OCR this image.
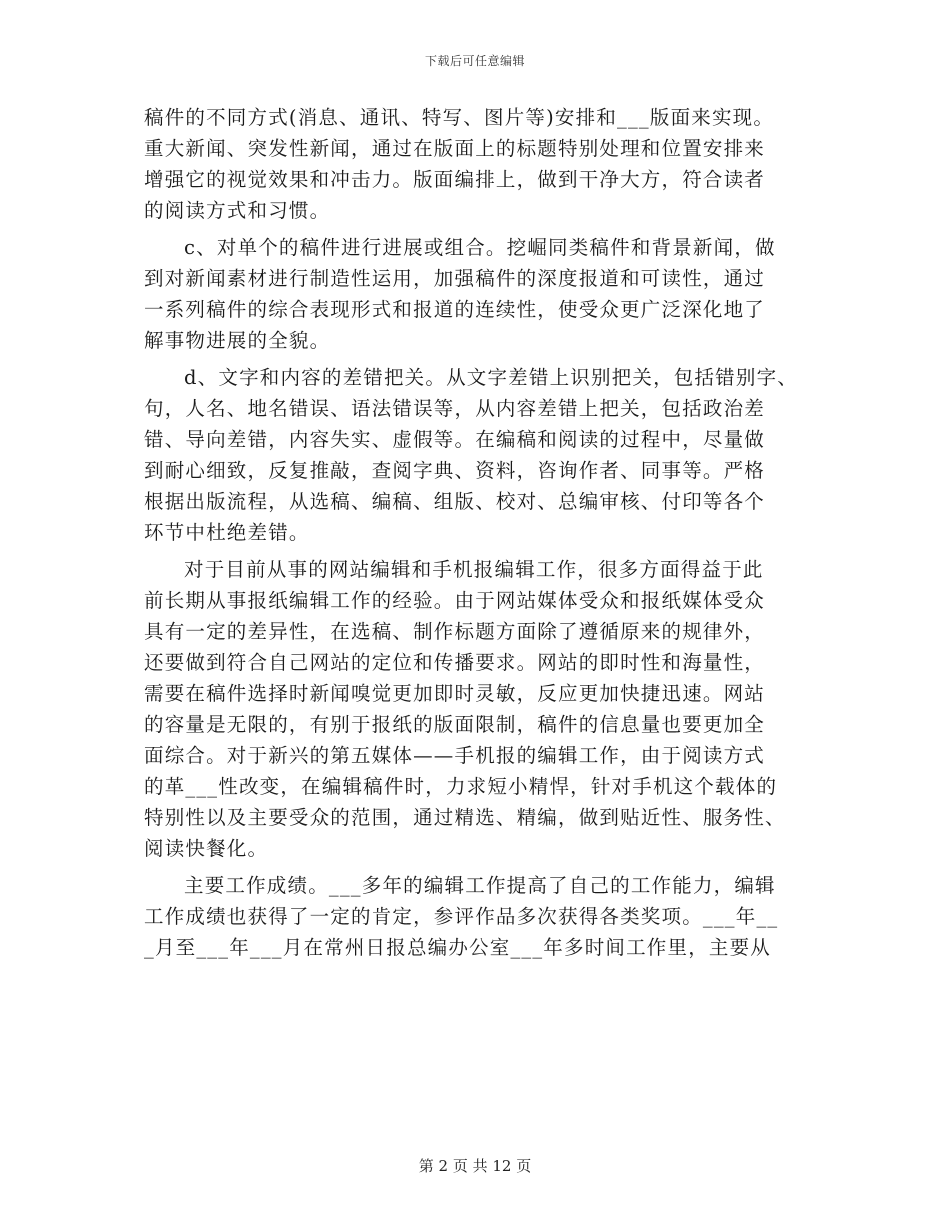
下载后可任意编辑
稿件的不同方式(消息、通讯、特写、图片等)安排和___版面来实现。
重大新闻、突发性新闻，通过在版面上的标题特别处理和位置安排来
增强它的视觉效果和冲击力。版面编排上，做到干净大方，符合读者
的阅读方式和习惯。
c、对单个的稿件进行进展或组合。挖崛同类稿件和背景新闻，做
到对新闻素材进行制造性运用，加强稿件的深度报道和可读性，通过
一系列稿件的综合表现形式和报道的连续性，使受众更广泛深化地了
解事物进展的全貌。
d、文字和内容的差错把关。从文字差错上识别把关，包括错别字、
句，人名、地名错误、语法错误等，从内容差错上把关，包括政治差
错、导向差错，内容失实、虚假等。在编稿和阅读的过程中，尽量做
到耐心细致，反复推敲，查阅字典、资料，咨询作者、同事等。严格
根据出版流程，从选稿、编稿、组版、校对、总编审核、付印等各个
环节中杜绝差错。
对于目前从事的网站编辑和手机报编辑工作，很多方面得益于此
前长期从事报纸编辑工作的经验。由于网站媒体受众和报纸媒体受众
具有一定的差异性，在选稿、制作标题方面除了遵循原来的规律外，
还要做到符合自己网站的定位和传播要求。网站的即时性和海量性，
需要在稿件选择时新闻嗅觉更加即时灵敏，反应更加快捷迅速。网站
的容量是无限的，有别于报纸的版面限制，稿件的信息量也要更加全
面综合。对于新兴的第五媒体——手机报的编辑工作，由于阅读方式
的革___性改变，在编辑稿件时，力求短小精悍，针对手机这个载体的
特别性以及主要受众的范围，通过精选、精编，做到贴近性、服务性、
阅读快餐化。
主要工作成绩。___多年的编辑工作提高了自己的工作能力，编辑
工作成绩也获得了一定的肯定，参评作品多次获得各类奖项。___年__
_月至___年___月在常州日报总编办公室___年多时间工作里，主要从
第 2 页 共 12 页
